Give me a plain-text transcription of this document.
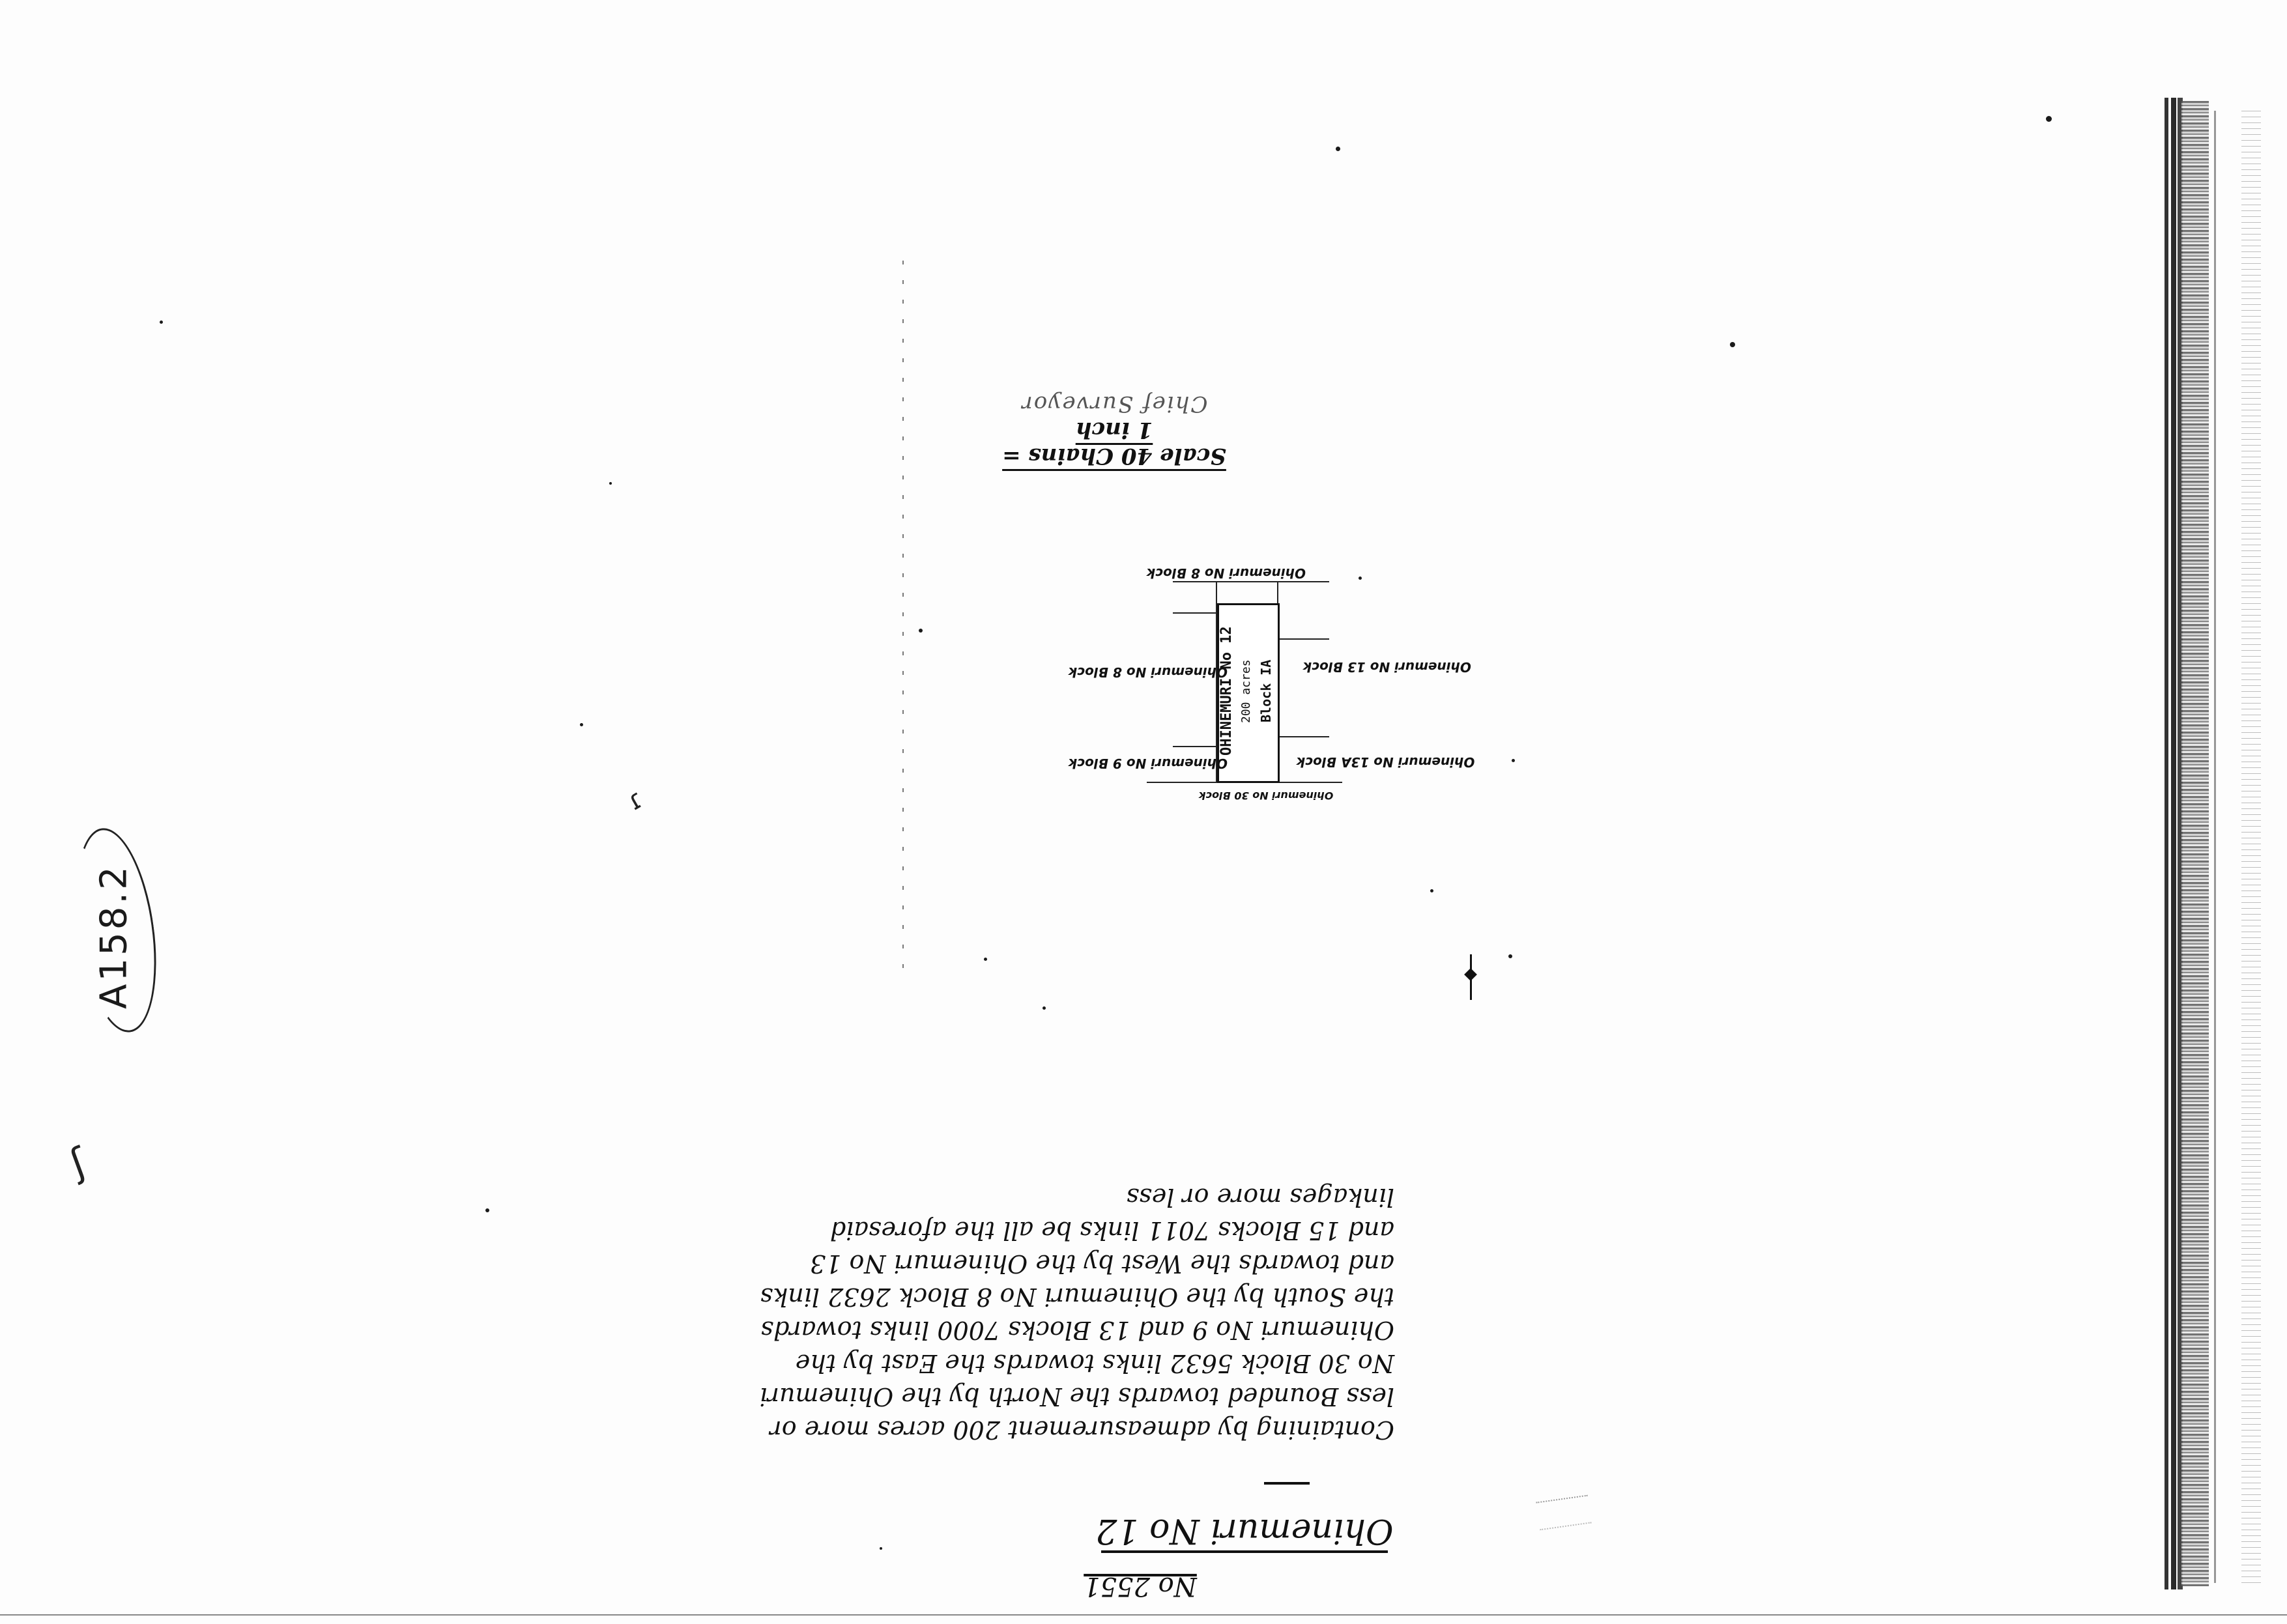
A158.2
ʃ
ɾ
No 2551
Ohinemuri No 12
Containing by admeasurement 200 acres more or
less Bounded towards the North by the Ohinemuri
No 30 Block 5632 links towards the East by the
Ohinemuri No 9 and 13 Blocks 7000 links towards
the South by the Ohinemuri No 8 Block 2632 links
and towards the West by the Ohinemuri No 13
and 15 Blocks 7011 links be all the aforesaid
linkages more or less
OHINEMURI No 12 200 acres Block IA
Ohinemuri No 8 Block
Ohinemuri No 8 Block
Ohinemuri No 9 Block
Ohinemuri No 13 Block
Ohinemuri No 13A Block
Ohinemuri No 30 Block
Scale 40 Chains = 1 inch
Chief Surveyor
